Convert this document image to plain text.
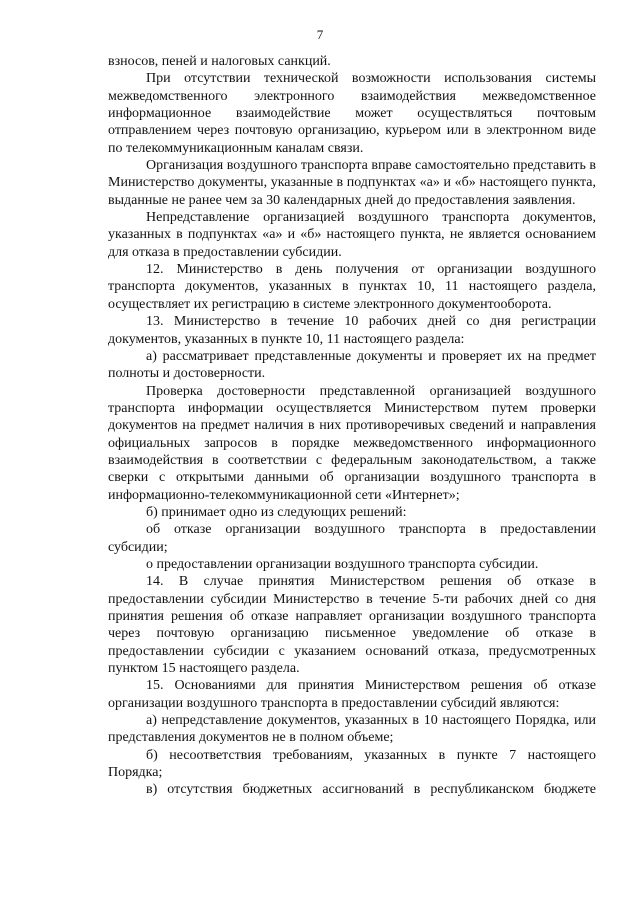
7

взносов, пеней и налоговых санкций.

При отсутствии технической возможности использования системы межведомственного электронного взаимодействия межведомственное информационное взаимодействие может осуществляться почтовым отправлением через почтовую организацию, курьером или в электронном виде по телекоммуникационным каналам связи.

Организация воздушного транспорта вправе самостоятельно представить в Министерство документы, указанные в подпунктах «а» и «б» настоящего пункта, выданные не ранее чем за 30 календарных дней до предоставления заявления.

Непредставление организацией воздушного транспорта документов, указанных в подпунктах «а» и «б» настоящего пункта, не является основанием для отказа в предоставлении субсидии.

12. Министерство в день получения от организации воздушного транспорта документов, указанных в пунктах 10, 11 настоящего раздела, осуществляет их регистрацию в системе электронного документооборота.

13. Министерство в течение 10 рабочих дней со дня регистрации документов, указанных в пункте 10, 11 настоящего раздела:

а) рассматривает представленные документы и проверяет их на предмет полноты и достоверности.

Проверка достоверности представленной организацией воздушного транспорта информации осуществляется Министерством путем проверки документов на предмет наличия в них противоречивых сведений и направления официальных запросов в порядке межведомственного информационного взаимодействия в соответствии с федеральным законодательством, а также сверки с открытыми данными об организации воздушного транспорта в информационно-телекоммуникационной сети «Интернет»;

б) принимает одно из следующих решений:

об отказе организации воздушного транспорта в предоставлении субсидии;

о предоставлении организации воздушного транспорта субсидии.

14. В случае принятия Министерством решения об отказе в предоставлении субсидии Министерство в течение 5-ти рабочих дней со дня принятия решения об отказе направляет организации воздушного транспорта через почтовую организацию письменное уведомление об отказе в предоставлении субсидии с указанием оснований отказа, предусмотренных пунктом 15 настоящего раздела.

15. Основаниями для принятия Министерством решения об отказе организации воздушного транспорта в предоставлении субсидий являются:

а) непредставление документов, указанных в 10 настоящего Порядка, или представления документов не в полном объеме;

б) несоответствия требованиям, указанных в пункте 7 настоящего Порядка;

в) отсутствия бюджетных ассигнований в республиканском бюджете
